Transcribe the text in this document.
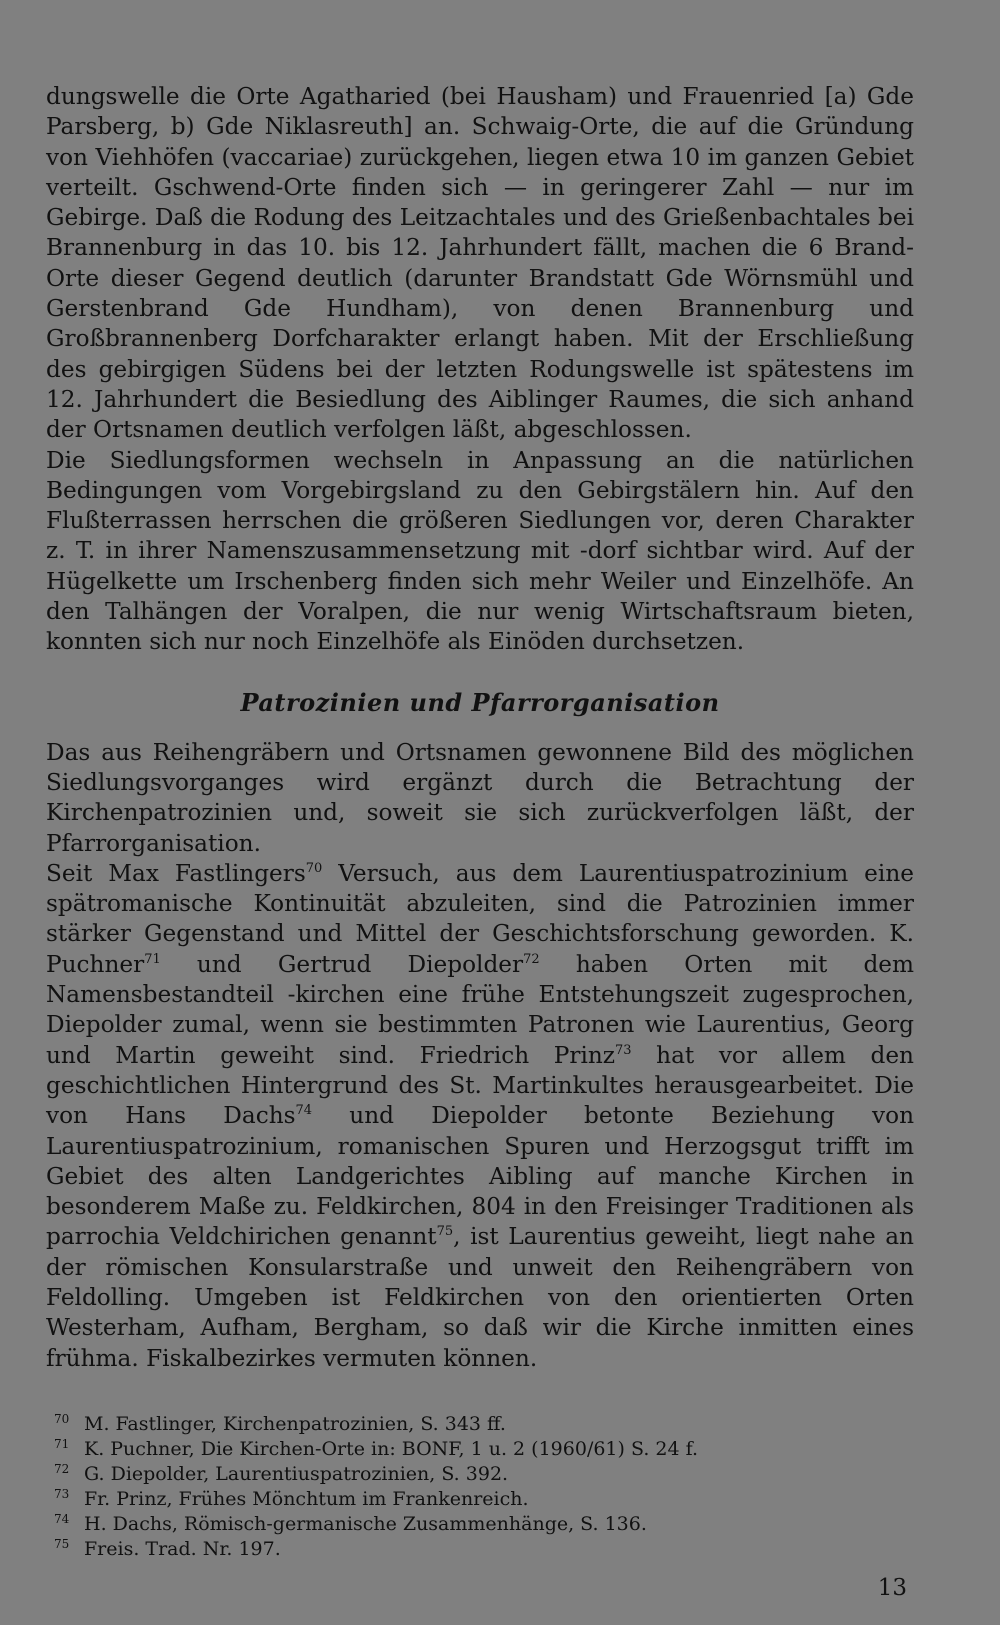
dungswelle die Orte Agatharied (bei Hausham) und Frauenried [a) Gde Parsberg, b) Gde Niklasreuth] an. Schwaig-Orte, die auf die Gründung von Viehhöfen (vaccariae) zurückgehen, liegen etwa 10 im ganzen Gebiet verteilt. Gschwend-Orte finden sich — in geringerer Zahl — nur im Gebirge. Daß die Rodung des Leitzachtales und des Grießenbachtales bei Brannenburg in das 10. bis 12. Jahrhundert fällt, machen die 6 Brand-Orte dieser Gegend deutlich (darunter Brandstatt Gde Wörnsmühl und Gerstenbrand Gde Hundham), von denen Brannenburg und Großbrannenberg Dorfcharakter erlangt haben. Mit der Erschließung des gebirgigen Südens bei der letzten Rodungswelle ist spätestens im 12. Jahrhundert die Besiedlung des Aiblinger Raumes, die sich anhand der Ortsnamen deutlich verfolgen läßt, abgeschlossen.

Die Siedlungsformen wechseln in Anpassung an die natürlichen Bedingungen vom Vorgebirgsland zu den Gebirgstälern hin. Auf den Flußterrassen herrschen die größeren Siedlungen vor, deren Charakter z. T. in ihrer Namenszusammensetzung mit -dorf sichtbar wird. Auf der Hügelkette um Irschenberg finden sich mehr Weiler und Einzelhöfe. An den Talhängen der Voralpen, die nur wenig Wirtschaftsraum bieten, konnten sich nur noch Einzelhöfe als Einöden durchsetzen.

Patrozinien und Pfarrorganisation

Das aus Reihengräbern und Ortsnamen gewonnene Bild des möglichen Siedlungsvorganges wird ergänzt durch die Betrachtung der Kirchenpatrozinien und, soweit sie sich zurückverfolgen läßt, der Pfarrorganisation.

Seit Max Fastlingers$^{70}$ Versuch, aus dem Laurentiuspatrozinium eine spätromanische Kontinuität abzuleiten, sind die Patrozinien immer stärker Gegenstand und Mittel der Geschichtsforschung geworden. K. Puchner$^{71}$ und Gertrud Diepolder$^{72}$ haben Orten mit dem Namensbestandteil -kirchen eine frühe Entstehungszeit zugesprochen, Diepolder zumal, wenn sie bestimmten Patronen wie Laurentius, Georg und Martin geweiht sind. Friedrich Prinz$^{73}$ hat vor allem den geschichtlichen Hintergrund des St. Martinkultes herausgearbeitet. Die von Hans Dachs$^{74}$ und Diepolder betonte Beziehung von Laurentiuspatrozinium, romanischen Spuren und Herzogsgut trifft im Gebiet des alten Landgerichtes Aibling auf manche Kirchen in besonderem Maße zu. Feldkirchen, 804 in den Freisinger Traditionen als parrochia Veldchirichen genannt$^{75}$, ist Laurentius geweiht, liegt nahe an der römischen Konsularstraße und unweit den Reihengräbern von Feldolling. Umgeben ist Feldkirchen von den orientierten Orten Westerham, Aufham, Bergham, so daß wir die Kirche inmitten eines frühma. Fiskalbezirkes vermuten können.

70 M. Fastlinger, Kirchenpatrozinien, S. 343 ff.

71 K. Puchner, Die Kirchen-Orte in: BONF, 1 u. 2 (1960/61) S. 24 f.

72 G. Diepolder, Laurentiuspatrozinien, S. 392.

73 Fr. Prinz, Frühes Mönchtum im Frankenreich.

74 H. Dachs, Römisch-germanische Zusammenhänge, S. 136.

75 Freis. Trad. Nr. 197.

13
